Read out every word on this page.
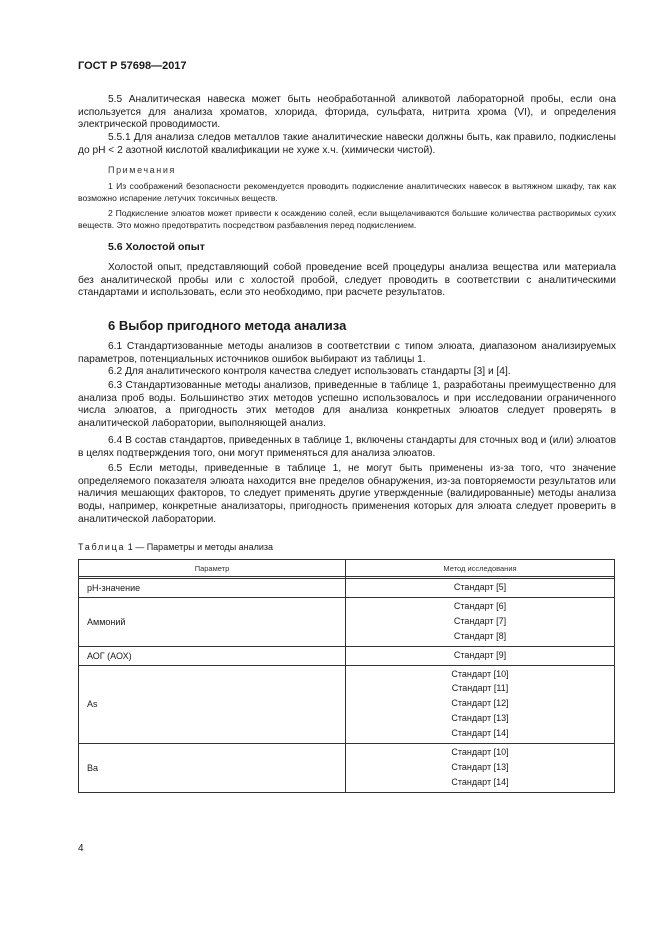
ГОСТ Р 57698—2017
5.5 Аналитическая навеска может быть необработанной аликвотой лабораторной пробы, если она используется для анализа хроматов, хлорида, фторида, сульфата, нитрита хрома (VI), и определения электрической проводимости.
5.5.1 Для анализа следов металлов такие аналитические навески должны быть, как правило, подкислены до рН < 2 азотной кислотой квалификации не хуже х.ч. (химически чистой).
Примечания
1 Из соображений безопасности рекомендуется проводить подкисление аналитических навесок в вытяжном шкафу, так как возможно испарение летучих токсичных веществ.
2 Подкисление элюатов может привести к осаждению солей, если выщелачиваются большие количества растворимых сухих веществ. Это можно предотвратить посредством разбавления перед подкислением.
5.6 Холостой опыт
Холостой опыт, представляющий собой проведение всей процедуры анализа вещества или материала без аналитической пробы или с холостой пробой, следует проводить в соответствии с аналитическими стандартами и использовать, если это необходимо, при расчете результатов.
6 Выбор пригодного метода анализа
6.1 Стандартизованные методы анализов в соответствии с типом элюата, диапазоном анализируемых параметров, потенциальных источников ошибок выбирают из таблицы 1.
6.2 Для аналитического контроля качества следует использовать стандарты [3] и [4].
6.3 Стандартизованные методы анализов, приведенные в таблице 1, разработаны преимущественно для анализа проб воды. Большинство этих методов успешно использовалось и при исследовании ограниченного числа элюатов, а пригодность этих методов для анализа конкретных элюатов следует проверять в аналитической лаборатории, выполняющей анализ.
6.4 В состав стандартов, приведенных в таблице 1, включены стандарты для сточных вод и (или) элюатов в целях подтверждения того, они могут применяться для анализа элюатов.
6.5 Если методы, приведенные в таблице 1, не могут быть применены из-за того, что значение определяемого показателя элюата находится вне пределов обнаружения, из-за повторяемости результатов или наличия мешающих факторов, то следует применять другие утвержденные (валидированные) методы анализа воды, например, конкретные анализаторы, пригодность применения которых для элюата следует проверить в аналитической лаборатории.
Таблица 1 — Параметры и методы анализа
Параметр	Метод исследования

рН-значение	Стандарт [5]

Аммоний	Стандарт [6]
Стандарт [7]
Стандарт [8]

АОГ (АОХ)	Стандарт [9]

As	Стандарт [10]
Стандарт [11]
Стандарт [12]
Стандарт [13]
Стандарт [14]

Ba	Стандарт [10]
Стандарт [13]
Стандарт [14]
4
